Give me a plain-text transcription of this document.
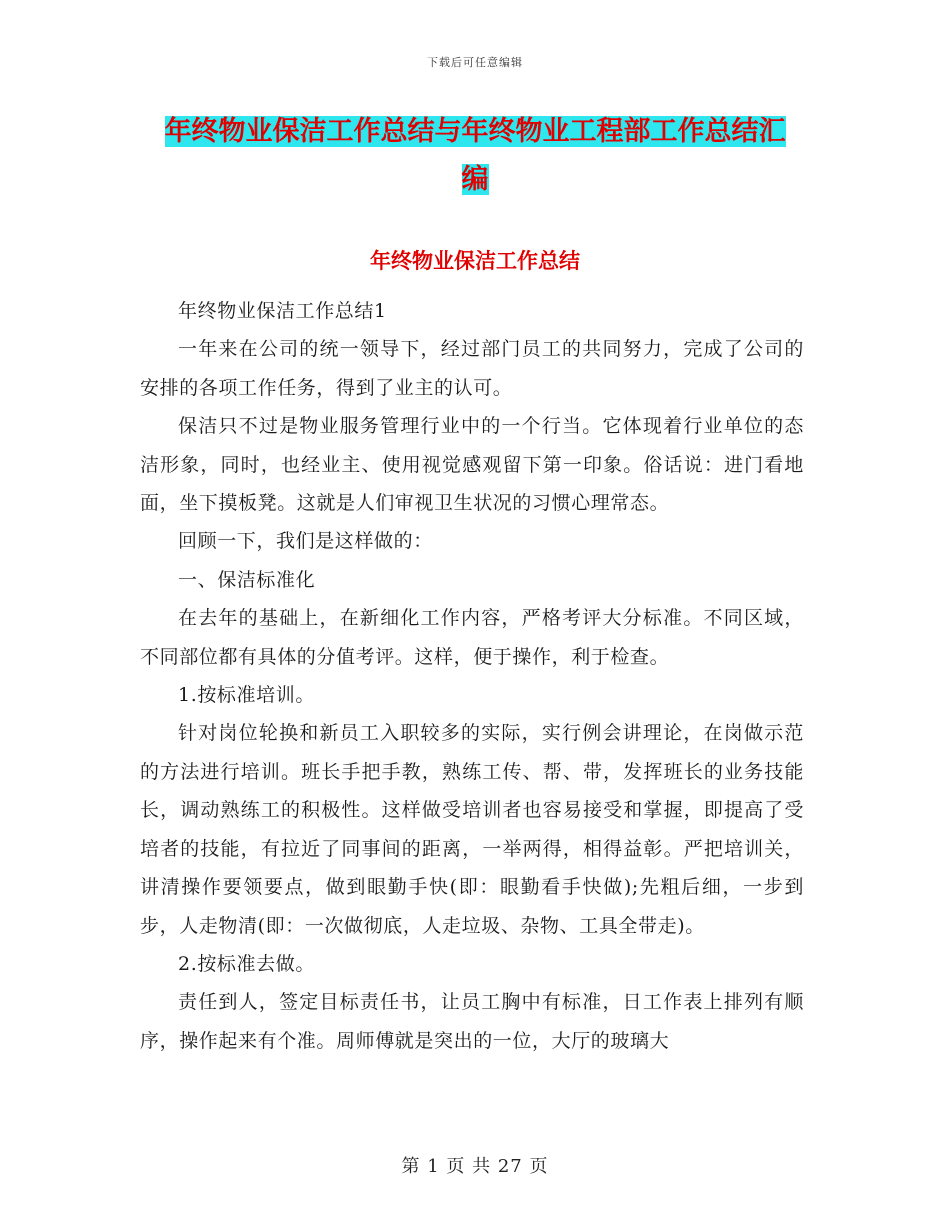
下载后可任意编辑
年终物业保洁工作总结与年终物业工程部工作总结汇
编
年终物业保洁工作总结

年终物业保洁工作总结1

一年来在公司的统一领导下，经过部门员工的共同努力，完成了公司的安排的各项工作任务，得到了业主的认可。

保洁只不过是物业服务管理行业中的一个行当。它体现着行业单位的态洁形象，同时，也经业主、使用视觉感观留下第一印象。俗话说：进门看地面，坐下摸板凳。这就是人们审视卫生状况的习惯心理常态。

回顾一下，我们是这样做的：

一、保洁标准化

在去年的基础上，在新细化工作内容，严格考评大分标准。不同区域，不同部位都有具体的分值考评。这样，便于操作，利于检查。

1.按标准培训。

针对岗位轮换和新员工入职较多的实际，实行例会讲理论，在岗做示范的方法进行培训。班长手把手教，熟练工传、帮、带，发挥班长的业务技能长，调动熟练工的积极性。这样做受培训者也容易接受和掌握，即提高了受培者的技能，有拉近了同事间的距离，一举两得，相得益彰。严把培训关，讲清操作要领要点，做到眼勤手快(即：眼勤看手快做);先粗后细，一步到步，人走物清(即：一次做彻底，人走垃圾、杂物、工具全带走)。

2.按标准去做。

责任到人，签定目标责任书，让员工胸中有标准，日工作表上排列有顺序，操作起来有个准。周师傅就是突出的一位，大厅的玻璃大

第 1 页 共 27 页
